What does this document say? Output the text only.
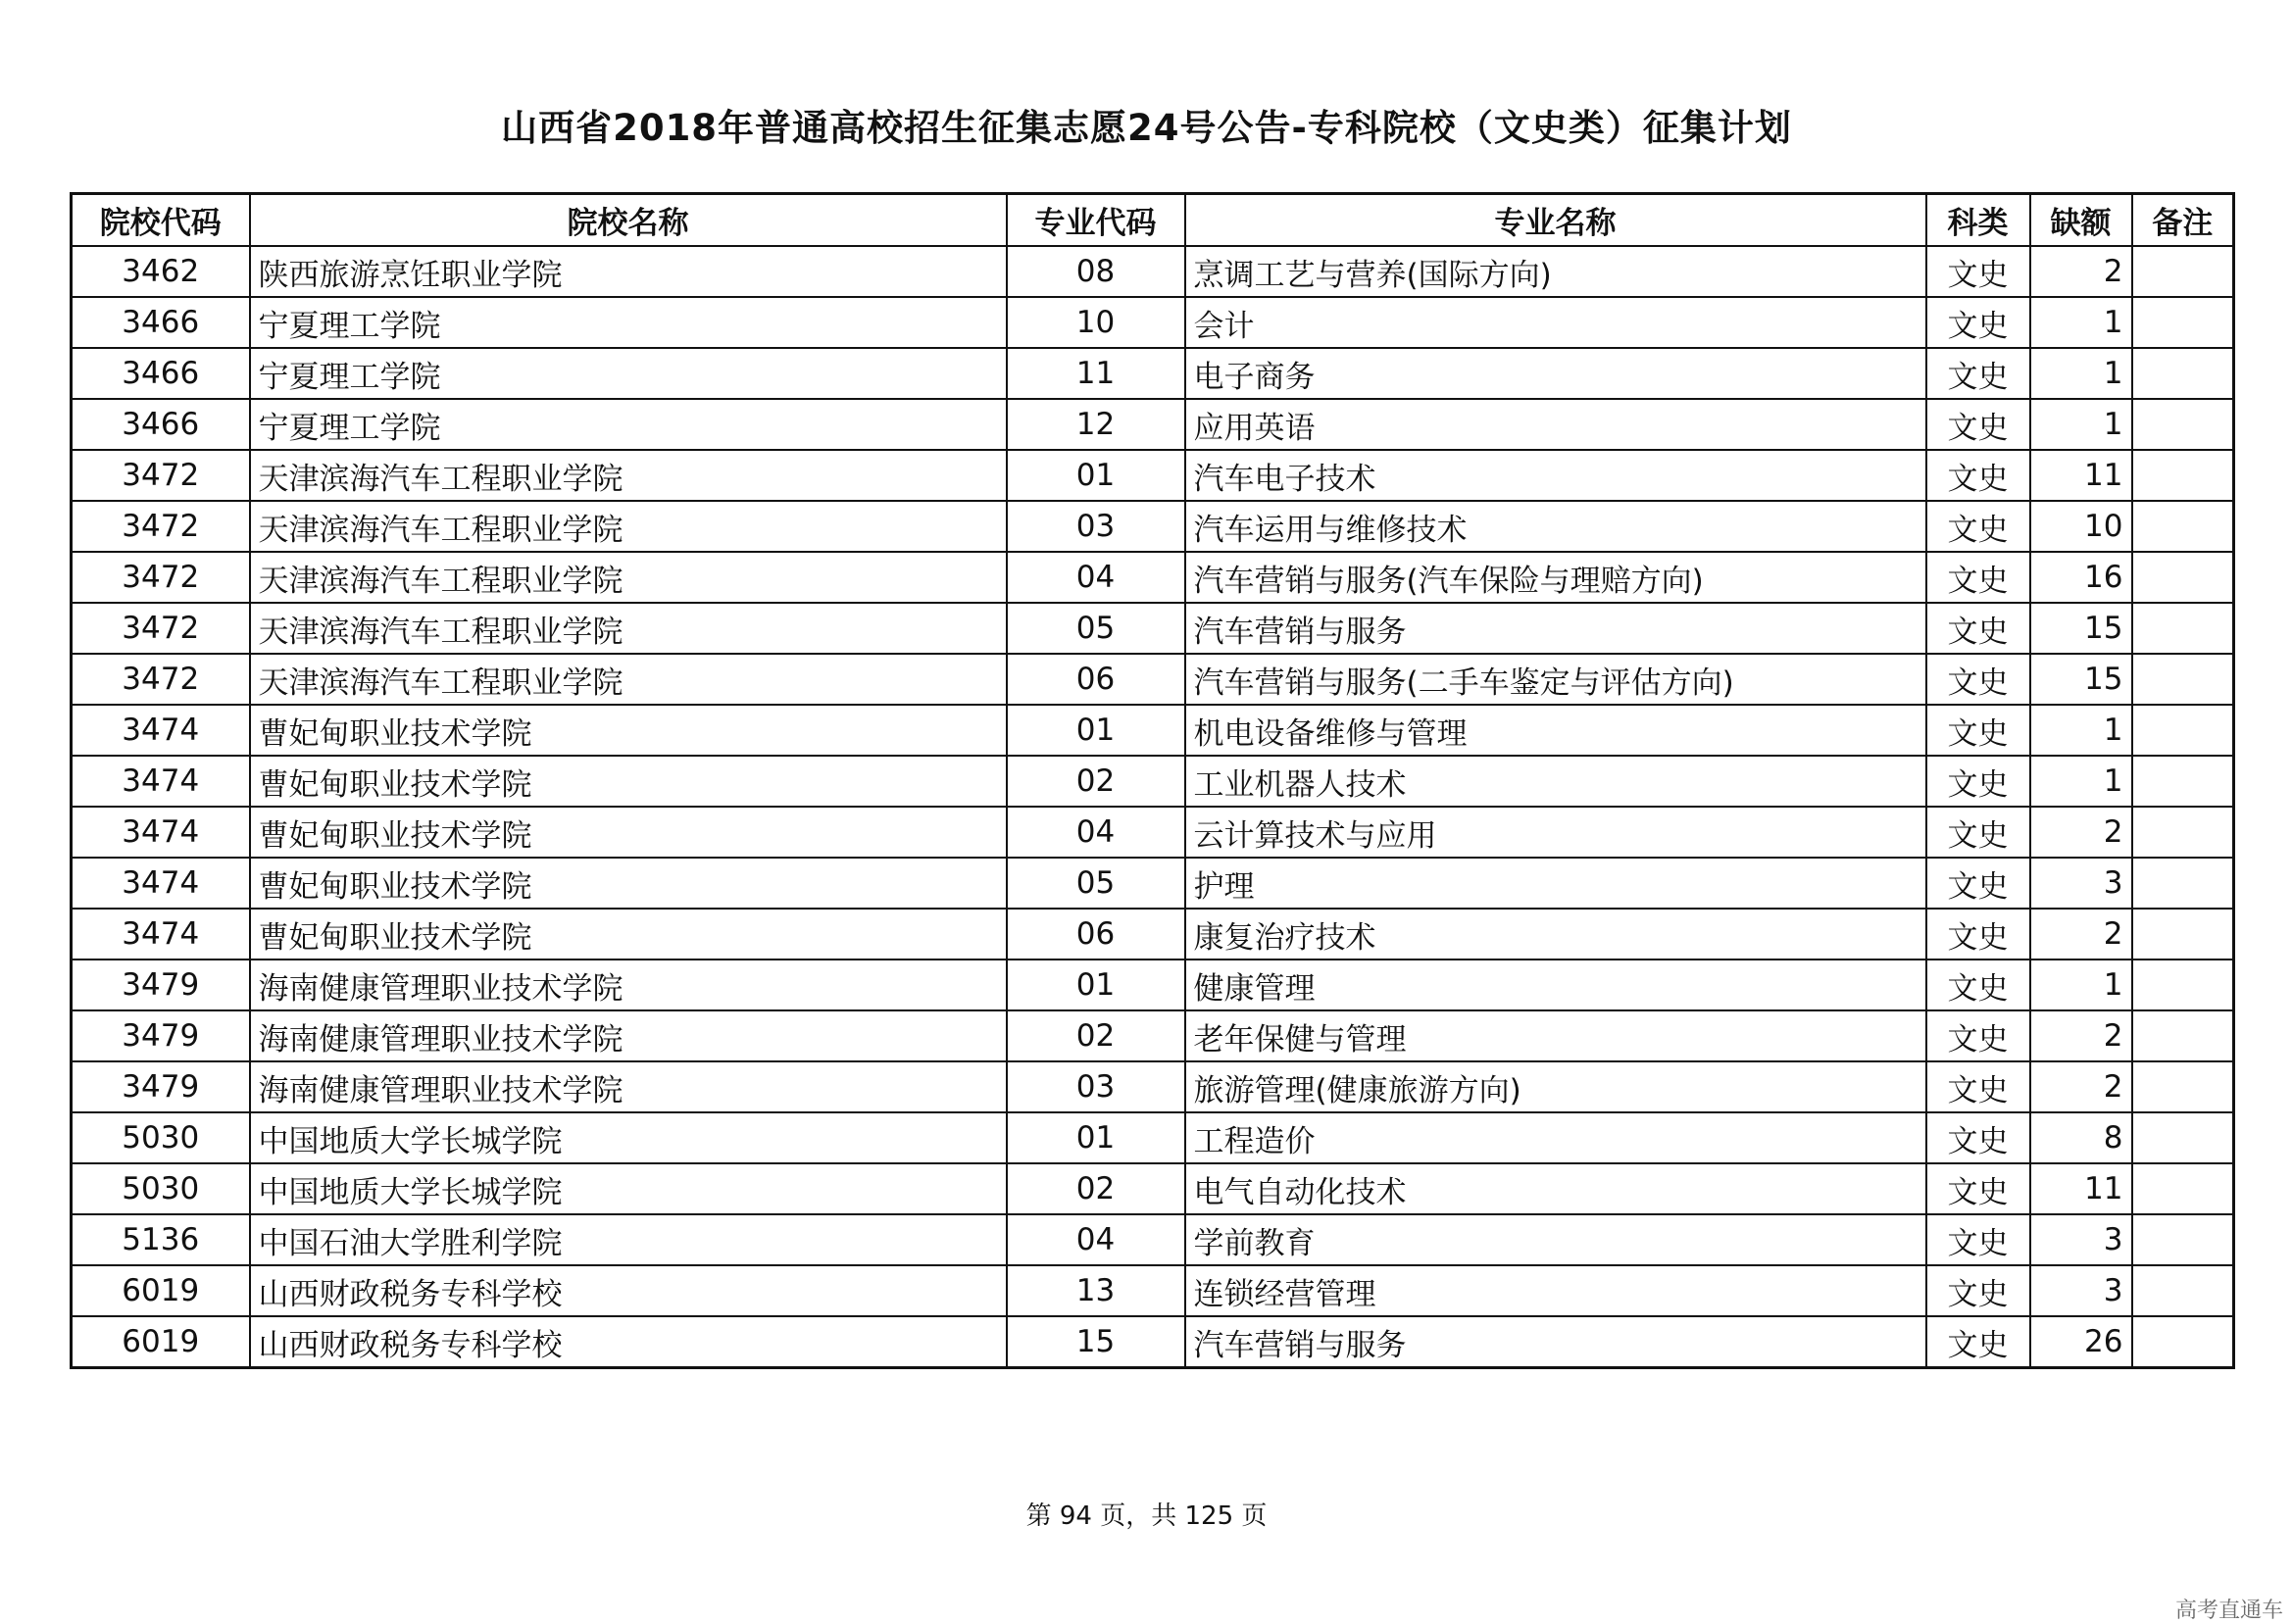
山西省2018年普通高校招生征集志愿24号公告-专科院校（文史类）征集计划
院校代码	院校名称	专业代码	专业名称	科类	缺额	备注
3462	陕西旅游烹饪职业学院	08	烹调工艺与营养(国际方向)	文史	2	
3466	宁夏理工学院	10	会计	文史	1	
3466	宁夏理工学院	11	电子商务	文史	1	
3466	宁夏理工学院	12	应用英语	文史	1	
3472	天津滨海汽车工程职业学院	01	汽车电子技术	文史	11	
3472	天津滨海汽车工程职业学院	03	汽车运用与维修技术	文史	10	
3472	天津滨海汽车工程职业学院	04	汽车营销与服务(汽车保险与理赔方向)	文史	16	
3472	天津滨海汽车工程职业学院	05	汽车营销与服务	文史	15	
3472	天津滨海汽车工程职业学院	06	汽车营销与服务(二手车鉴定与评估方向)	文史	15	
3474	曹妃甸职业技术学院	01	机电设备维修与管理	文史	1	
3474	曹妃甸职业技术学院	02	工业机器人技术	文史	1	
3474	曹妃甸职业技术学院	04	云计算技术与应用	文史	2	
3474	曹妃甸职业技术学院	05	护理	文史	3	
3474	曹妃甸职业技术学院	06	康复治疗技术	文史	2	
3479	海南健康管理职业技术学院	01	健康管理	文史	1	
3479	海南健康管理职业技术学院	02	老年保健与管理	文史	2	
3479	海南健康管理职业技术学院	03	旅游管理(健康旅游方向)	文史	2	
5030	中国地质大学长城学院	01	工程造价	文史	8	
5030	中国地质大学长城学院	02	电气自动化技术	文史	11	
5136	中国石油大学胜利学院	04	学前教育	文史	3	
6019	山西财政税务专科学校	13	连锁经营管理	文史	3	
6019	山西财政税务专科学校	15	汽车营销与服务	文史	26	
第 94 页，共 125 页
高考直通车
